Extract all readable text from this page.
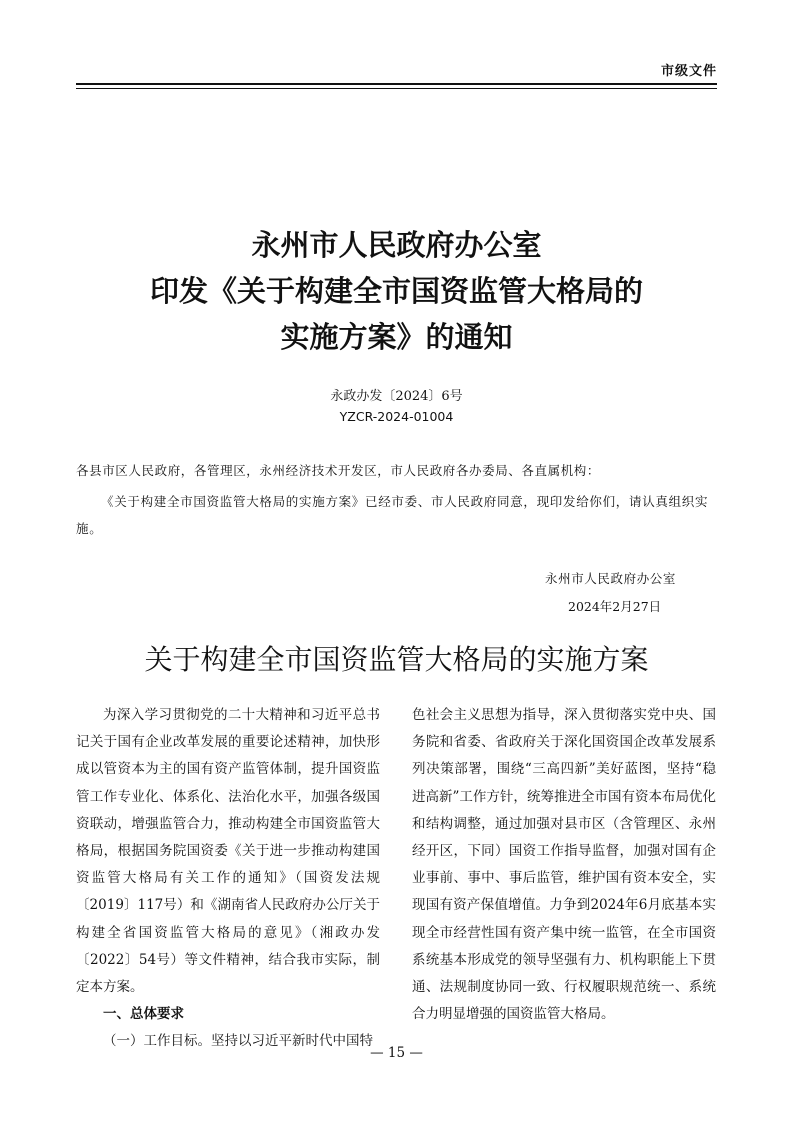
市级文件
永州市人民政府办公室
印发《关于构建全市国资监管大格局的
实施方案》的通知
永政办发〔2024〕6号
YZCR-2024-01004
各县市区人民政府，各管理区，永州经济技术开发区，市人民政府各办委局、各直属机构：

《关于构建全市国资监管大格局的实施方案》已经市委、市人民政府同意，现印发给你们，请认真组织实施。

永州市人民政府办公室
2024年2月27日
关于构建全市国资监管大格局的实施方案

为深入学习贯彻党的二十大精神和习近平总书记关于国有企业改革发展的重要论述精神，加快形成以管资本为主的国有资产监管体制，提升国资监管工作专业化、体系化、法治化水平，加强各级国资联动，增强监管合力，推动构建全市国资监管大格局，根据国务院国资委《关于进一步推动构建国资监管大格局有关工作的通知》（国资发法规〔2019〕117号）和《湖南省人民政府办公厅关于构建全省国资监管大格局的意见》（湘政办发〔2022〕54号）等文件精神，结合我市实际，制定本方案。

一、总体要求

（一）工作目标。坚持以习近平新时代中国特

色社会主义思想为指导，深入贯彻落实党中央、国务院和省委、省政府关于深化国资国企改革发展系列决策部署，围绕“三高四新”美好蓝图，坚持“稳进高新”工作方针，统筹推进全市国有资本布局优化和结构调整，通过加强对县市区（含管理区、永州经开区，下同）国资工作指导监督，加强对国有企业事前、事中、事后监管，维护国有资本安全，实现国有资产保值增值。力争到2024年6月底基本实现全市经营性国有资产集中统一监管，在全市国资系统基本形成党的领导坚强有力、机构职能上下贯通、法规制度协同一致、行权履职规范统一、系统合力明显增强的国资监管大格局。

— 15 —
